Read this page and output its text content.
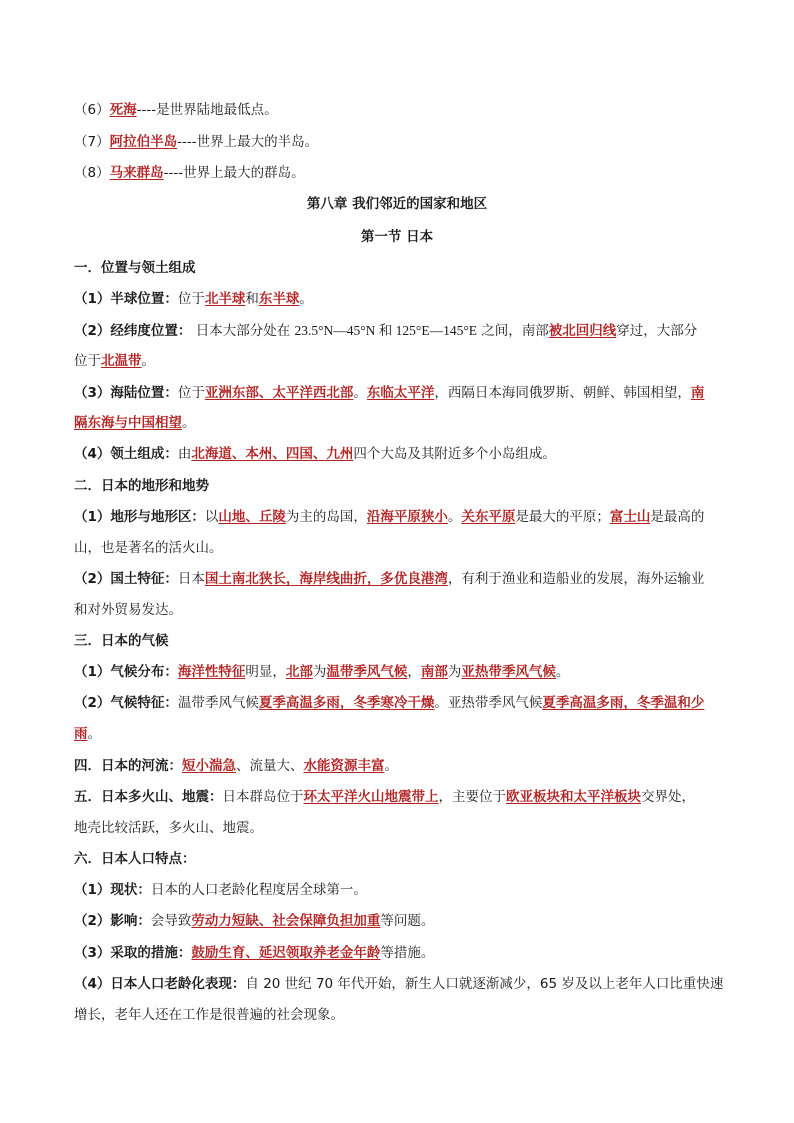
（6）死海----是世界陆地最低点。
（7）阿拉伯半岛----世界上最大的半岛。
（8）马来群岛----世界上最大的群岛。
第八章 我们邻近的国家和地区
第一节 日本
一．位置与领土组成
（1）半球位置：位于北半球和东半球。
（2）经纬度位置： 日本大部分处在 23.5°N—45°N 和 125°E—145°E 之间，南部被北回归线穿过，大部分
位于北温带。
（3）海陆位置：位于亚洲东部、太平洋西北部。东临太平洋，西隔日本海同俄罗斯、朝鲜、韩国相望，南
隔东海与中国相望。
（4）领土组成：由北海道、本州、四国、九州四个大岛及其附近多个小岛组成。
二．日本的地形和地势
（1）地形与地形区：以山地、丘陵为主的岛国，沿海平原狭小。关东平原是最大的平原；富士山是最高的
山，也是著名的活火山。
（2）国土特征：日本国土南北狭长，海岸线曲折，多优良港湾，有利于渔业和造船业的发展，海外运输业
和对外贸易发达。
三．日本的气候
（1）气候分布：海洋性特征明显，北部为温带季风气候，南部为亚热带季风气候。
（2）气候特征：温带季风气候夏季高温多雨，冬季寒冷干燥。亚热带季风气候夏季高温多雨，冬季温和少
雨。
四．日本的河流：短小湍急、流量大、水能资源丰富。
五．日本多火山、地震：日本群岛位于环太平洋火山地震带上，主要位于欧亚板块和太平洋板块交界处，
地壳比较活跃，多火山、地震。
六．日本人口特点：
（1）现状：日本的人口老龄化程度居全球第一。
（2）影响：会导致劳动力短缺、社会保障负担加重等问题。
（3）采取的措施：鼓励生育、延迟领取养老金年龄等措施。
（4）日本人口老龄化表现：自 20 世纪 70 年代开始，新生人口就逐渐减少，65 岁及以上老年人口比重快速
增长，老年人还在工作是很普遍的社会现象。
